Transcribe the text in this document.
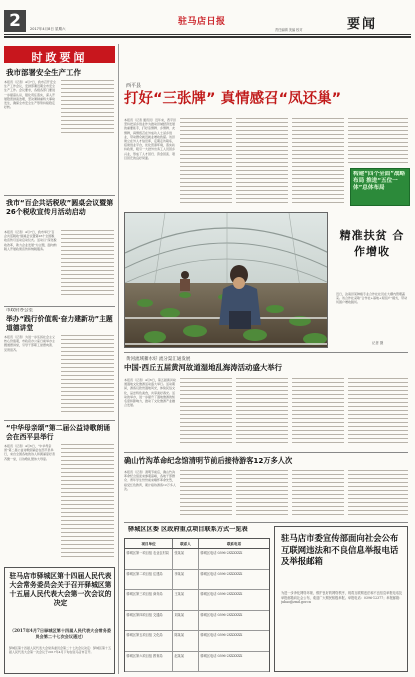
2	2017年4月8日 星期六
驻马店日报
责任编辑 美编 校对	要闻
时政要闻
我市部署安全生产工作
本报讯（记者）4月7日，我市召开安全生产工作会议，安排部署近期全市安全生产工作。会议要求，各级各部门要进一步提高认识，强化责任落实，深入开展隐患排查治理，坚决遏制重特大事故发生，确保全市安全生产形势持续稳定好转。
我市“百企共话税收”圆桌会议暨第26个税收宣传月活动启动
本报讯（记者）4月7日，我市举行“百企共话税收”圆桌会议暨第26个全国税收宣传月活动启动仪式。活动以“深化税收改革，助力企业发展”为主题，面向纳税人开展政策宣传和纳税服务。
市政府办公室
举办“践行价值观·奋力建新功”主题道德讲堂
本报讯（记者）为进一步弘扬社会主义核心价值观，市政府办公室日前举办主题道德讲堂，引导干部职工崇德向善、见贤思齐。
“中华母亲颂”第二届公益诗歌朗诵会在西平县举行
本报讯（记者）4月6日，“中华母亲颂”第二届公益诗歌朗诵会在西平县举行，来自全国各地的诗人和朗诵爱好者齐聚一堂，以诗歌礼赞伟大母爱。
驻马店市驿城区第十四届人民代表大会常务委员会关于召开驿城区第十五届人民代表大会第一次会议的决定
（2017年4月7日驿城区第十四届人民代表大会常务委员会第二十七次会议通过）
驿城区第十四届人民代表大会常务委员会第二十七次会议决定：驿城区第十五届人民代表大会第一次会议于2017年4月下旬在驻马店市召开。
西平县
打好“三张牌” 真情感召“凤还巢”
本报讯（记者 通讯员）近年来，西平县坚持把返乡创业作为推动县域经济发展的重要抓手，打好亲情牌、乡情牌、友情牌，真情感召在外成功人士返乡创业，带动群众就近就业增收致富。该县建立在外人才信息库，定期走访联系，搭建创业平台，优化营商环境，落实扶持政策，吸引一大批外出务工人员回乡兴业，形成了人才回归、资金回流、项目回迁的良好局面。
构建“四个全面”战略布局 推进“五位一体”总体布局
精准扶贫 合作增收
近日，汝南县某种植专业合作社社员在大棚内管理蔬菜。该合作社采取“合作社+基地+贫困户”模式，带动贫困户增收脱贫。
记者 摄
黄河流域蓄水好 流分渠汇通发展
中国·西丘五届黄河故道湿地乱海涛活动盛大举行
本报讯（记者）4月6日，第五届黄河故道湿地文化旅游活动盛大举行。活动期间，游客们欣赏湿地风光，体验民俗文化，品尝特色美食，共享美好春光。活动的举办，进一步提升了湿地旅游的知名度和影响力，推动了文化旅游产业融合发展。
确山竹沟革命纪念馆清明节前后接待游客12万多人次
本报讯（记者）清明节前后，确山竹沟革命纪念馆迎来参观高峰，各地干部群众、青年学生纷纷前来缅怀革命先烈，接受红色教育，累计接待游客12万多人次。
驿城区区委 区政府重点项目联系方式一览表
项目单位	联系人	联系电话
驿城区第一项目组 农业农村局	张某某	驿城区电话 0396-2XXXXXX
驿城区第二项目组 住建局	李某某	驿城区电话 0396-2XXXXXX
驿城区第三项目组 商务局	王某某	驿城区电话 0396-2XXXXXX
驿城区第四项目组 交通局	刘某某	驿城区电话 0396-2XXXXXX
驿城区第五项目组 文化局	陈某某	驿城区电话 0396-2XXXXXX
驿城区第六项目组 教育局	赵某某	驿城区电话 0396-2XXXXXX
驻马店市委宣传部面向社会公布互联网违法和不良信息举报电话及举报邮箱
为进一步净化网络环境，维护良好的网络秩序，现将互联网违法和不良信息举报电话及举报邮箱向社会公布，欢迎广大网民积极举报。举报电话：0396-12377；举报邮箱：jubao@zmd.gov.cn
